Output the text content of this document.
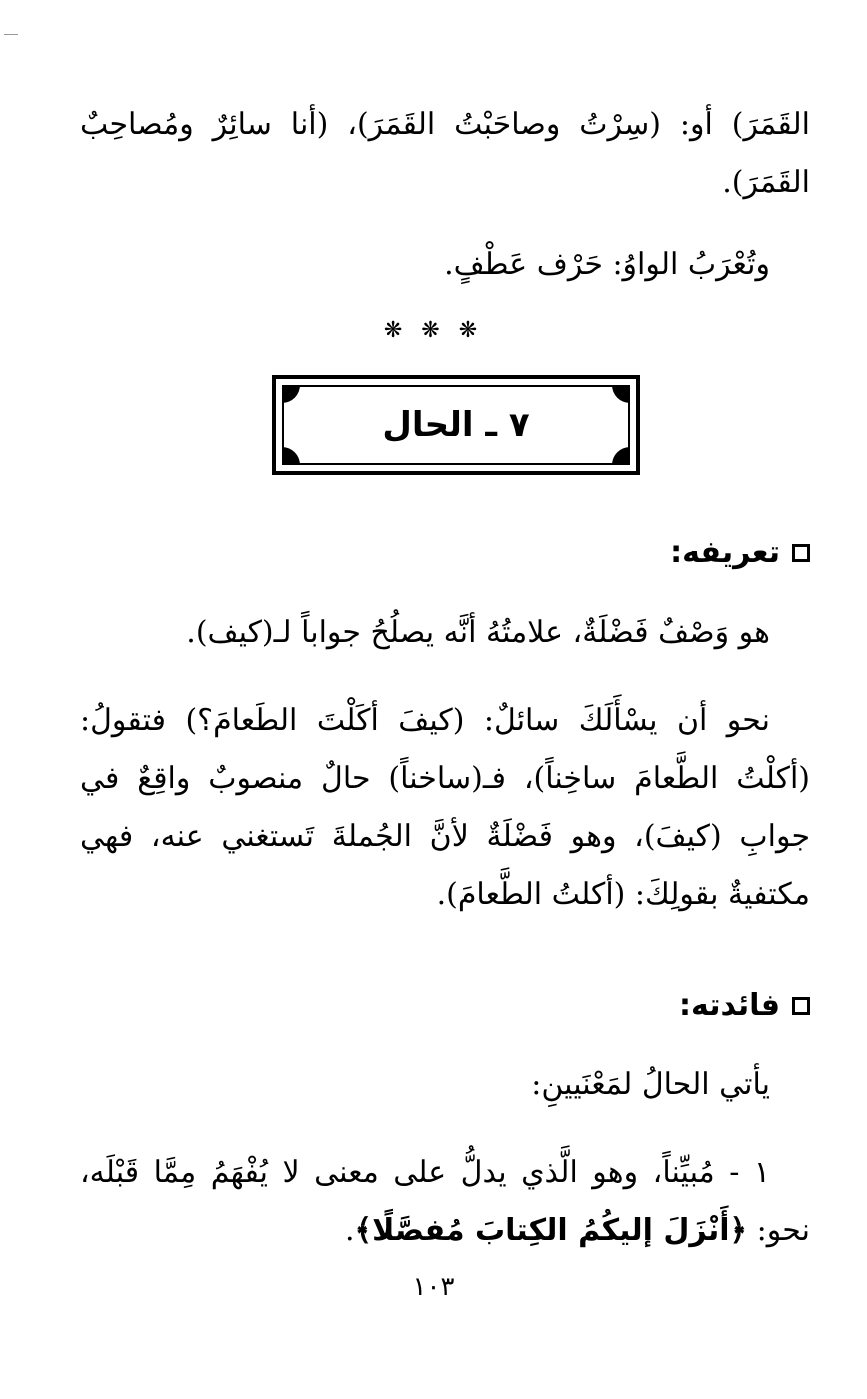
القَمَرَ) أو: (سِرْتُ وصاحَبْتُ القَمَرَ)، (أنا سائِرٌ ومُصاحِبٌ القَمَرَ).

وتُعْرَبُ الواوُ: حَرْف عَطْفٍ.

❋ ❋ ❋
٧ ـ الحال
تعريفه:

هو وَصْفٌ فَضْلَةٌ، علامتُهُ أنَّه يصلُحُ جواباً لـ(كيف).

نحو أن يسْأَلَكَ سائلٌ: (كيفَ أكَلْتَ الطَعامَ؟) فتقولُ: (أكلْتُ الطَّعامَ ساخِناً)، فـ(ساخناً) حالٌ منصوبٌ واقِعٌ في جوابِ (كيفَ)، وهو فَضْلَةٌ لأنَّ الجُملةَ تَستغني عنه، فهي مكتفيةٌ بقولِكَ: (أكلتُ الطَّعامَ).

فائدته:

يأتي الحالُ لمَعْنَيينِ:

١ - مُبيِّناً، وهو الَّذي يدلُّ على معنى لا يُفْهَمُ مِمَّا قَبْلَه، نحو: ﴿أَنْزَلَ إليكُمُ الكِتابَ مُفصَّلًا﴾.

١٠٣
